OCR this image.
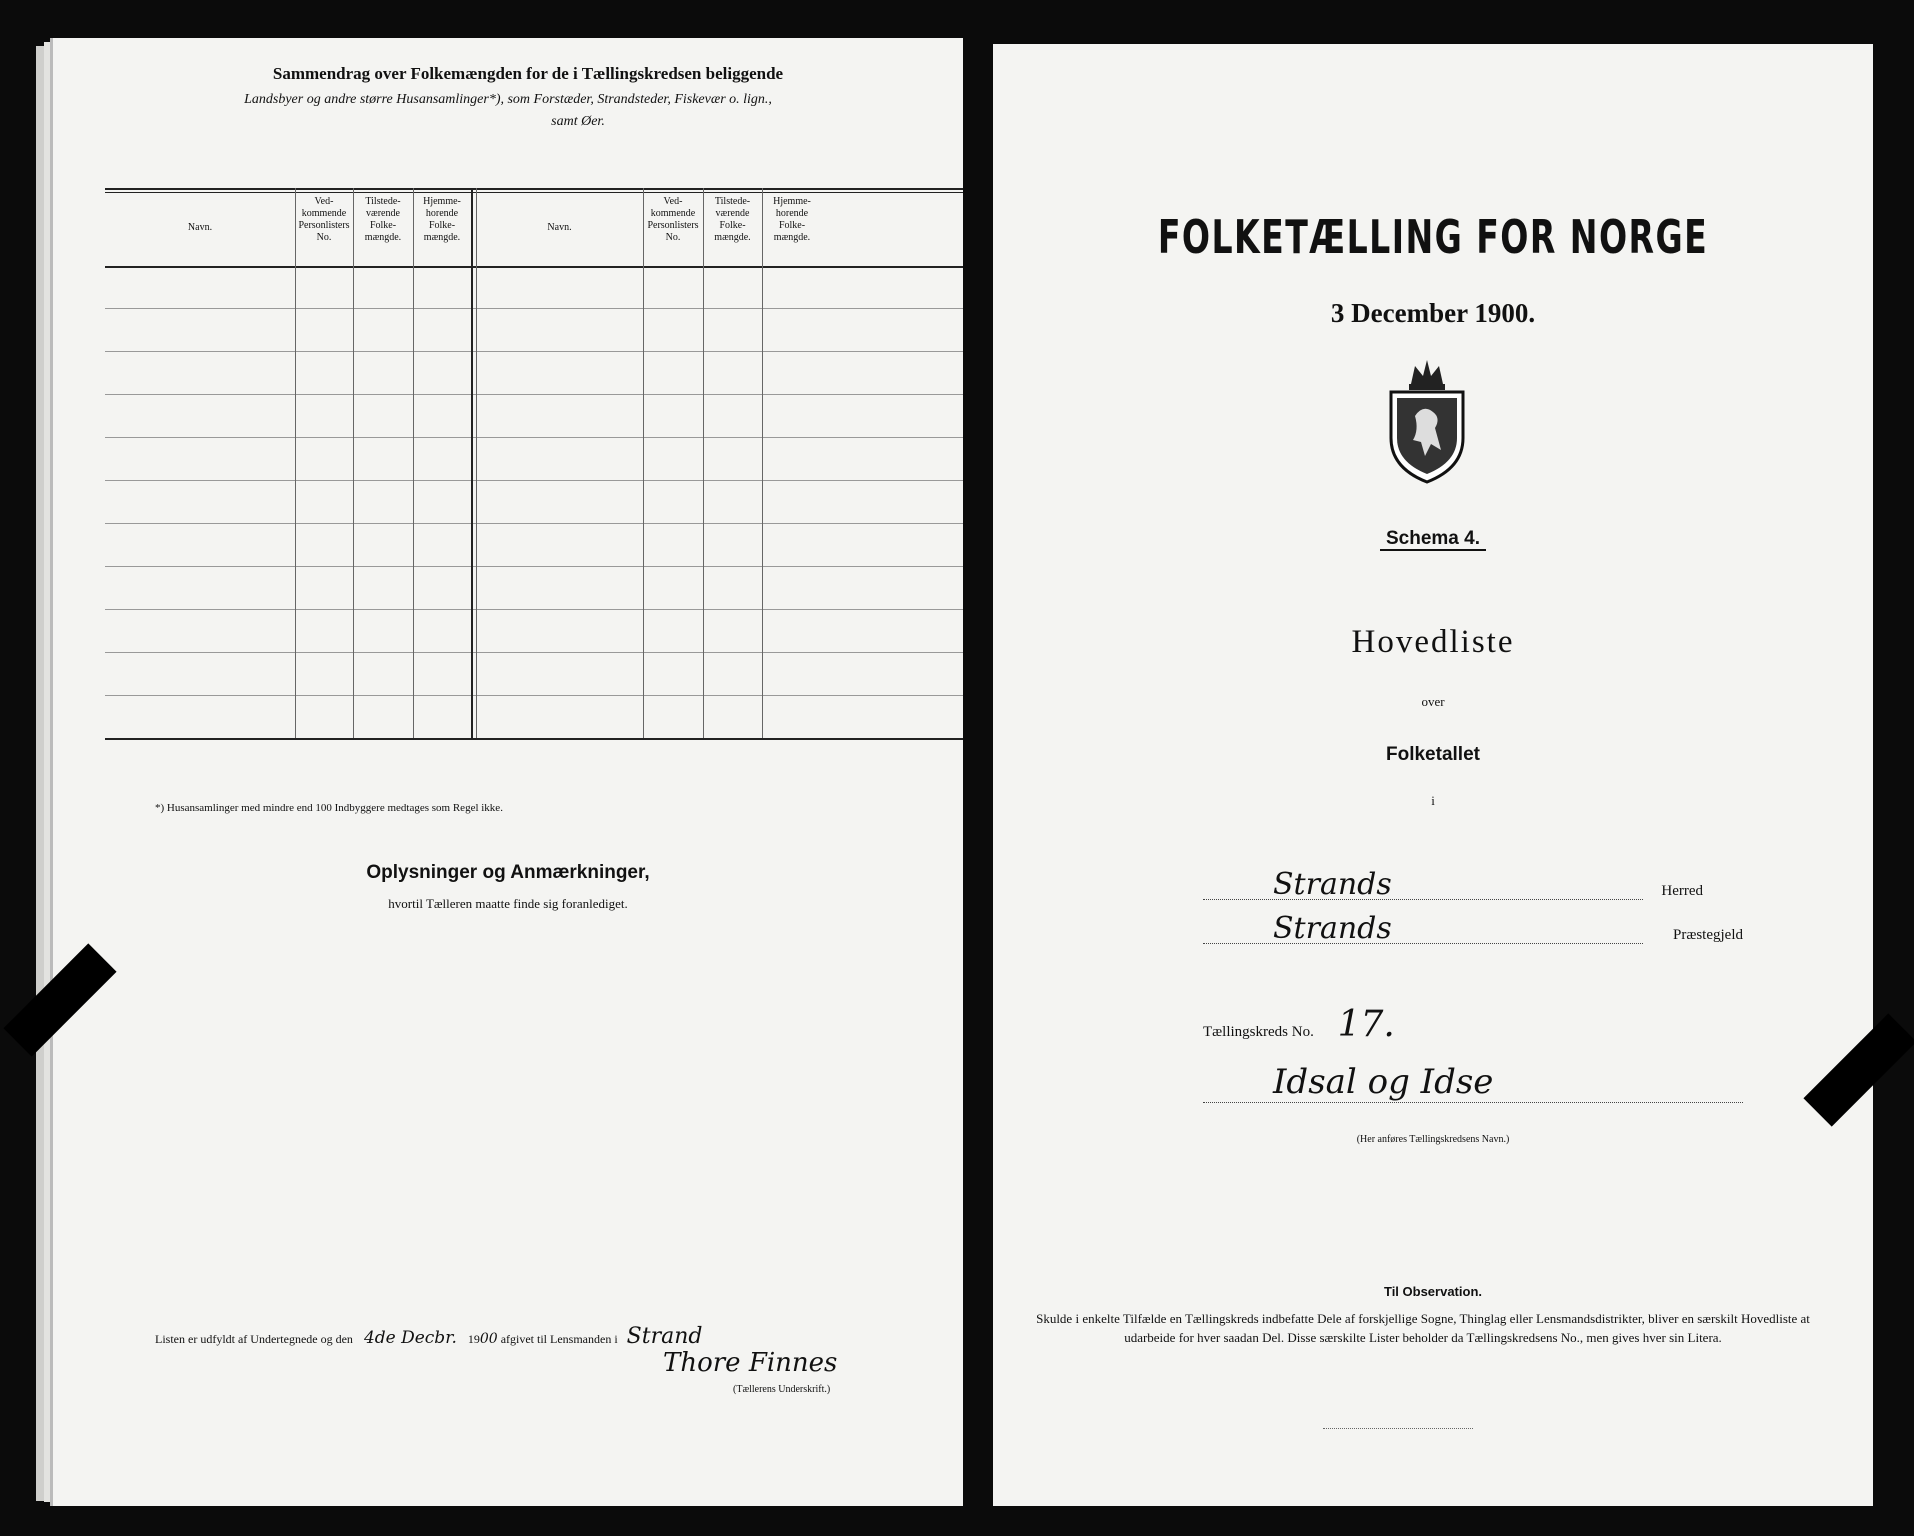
Sammendrag over Folkemængden for de i Tællingskredsen beliggende
Landsbyer og andre større Husansamlinger*), som Forstæder, Strandsteder, Fiskevær o. lign.,
samt Øer.
Navn.
Ved-
kommende
Personlisters
No.
Tilstede-
værende
Folke-
mængde.
Hjemme-
horende
Folke-
mængde.
Navn.
Ved-
kommende
Personlisters
No.
Tilstede-
værende
Folke-
mængde.
Hjemme-
horende
Folke-
mængde.
*) Husansamlinger med mindre end 100 Indbyggere medtages som Regel ikke.
Oplysninger og Anmærkninger,
hvortil Tælleren maatte finde sig foranlediget.
Listen er udfyldt af Undertegnede og den 4de Decbr. 1900 afgivet til Lensmanden i Strand
Thore Finnes
(Tællerens Underskrift.)
FOLKETÆLLING FOR NORGE
3 December 1900.
Schema 4.
Hovedliste
over
Folketallet
i
Strands	Herred
Strands	Præstegjeld
Tællingskreds No. 17.
Idsal og Idse
(Her anføres Tællingskredsens Navn.)
Til Observation.
Skulde i enkelte Tilfælde en Tællingskreds indbefatte Dele af forskjellige Sogne, Thinglag eller Lensmandsdistrikter, bliver en særskilt Hovedliste at udarbeide for hver saadan Del. Disse særskilte Lister beholder da Tællingskredsens No., men gives hver sin Litera.
